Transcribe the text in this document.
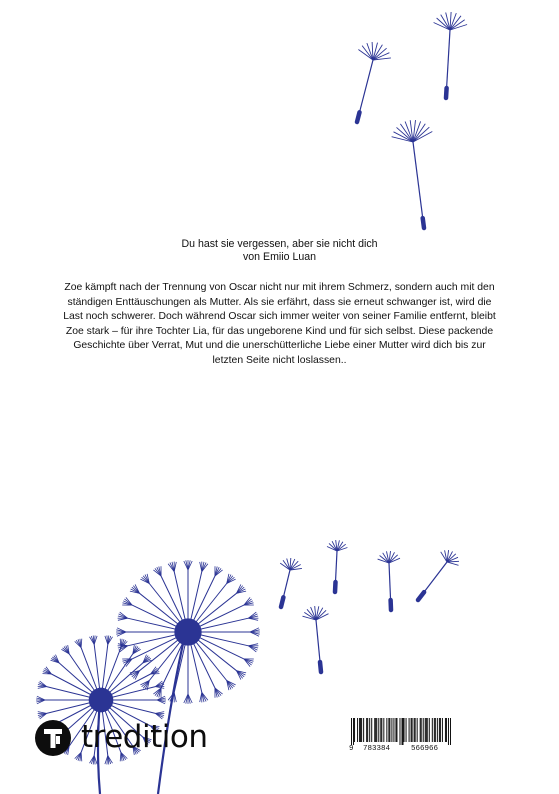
Du hast sie vergessen, aber sie nicht dich
von Emiio Luan

Zoe kämpft nach der Trennung von Oscar nicht nur mit ihrem Schmerz, sondern auch mit den ständigen Enttäuschungen als Mutter. Als sie erfährt, dass sie erneut schwanger ist, wird die Last noch schwerer. Doch während Oscar sich immer weiter von seiner Familie entfernt, bleibt Zoe stark – für ihre Tochter Lia, für das ungeborene Kind und für sich selbst. Diese packende Geschichte über Verrat, Mut und die unerschütterliche Liebe einer Mutter wird dich bis zur letzten Seite nicht loslassen..

tredition	9 783384	566966
